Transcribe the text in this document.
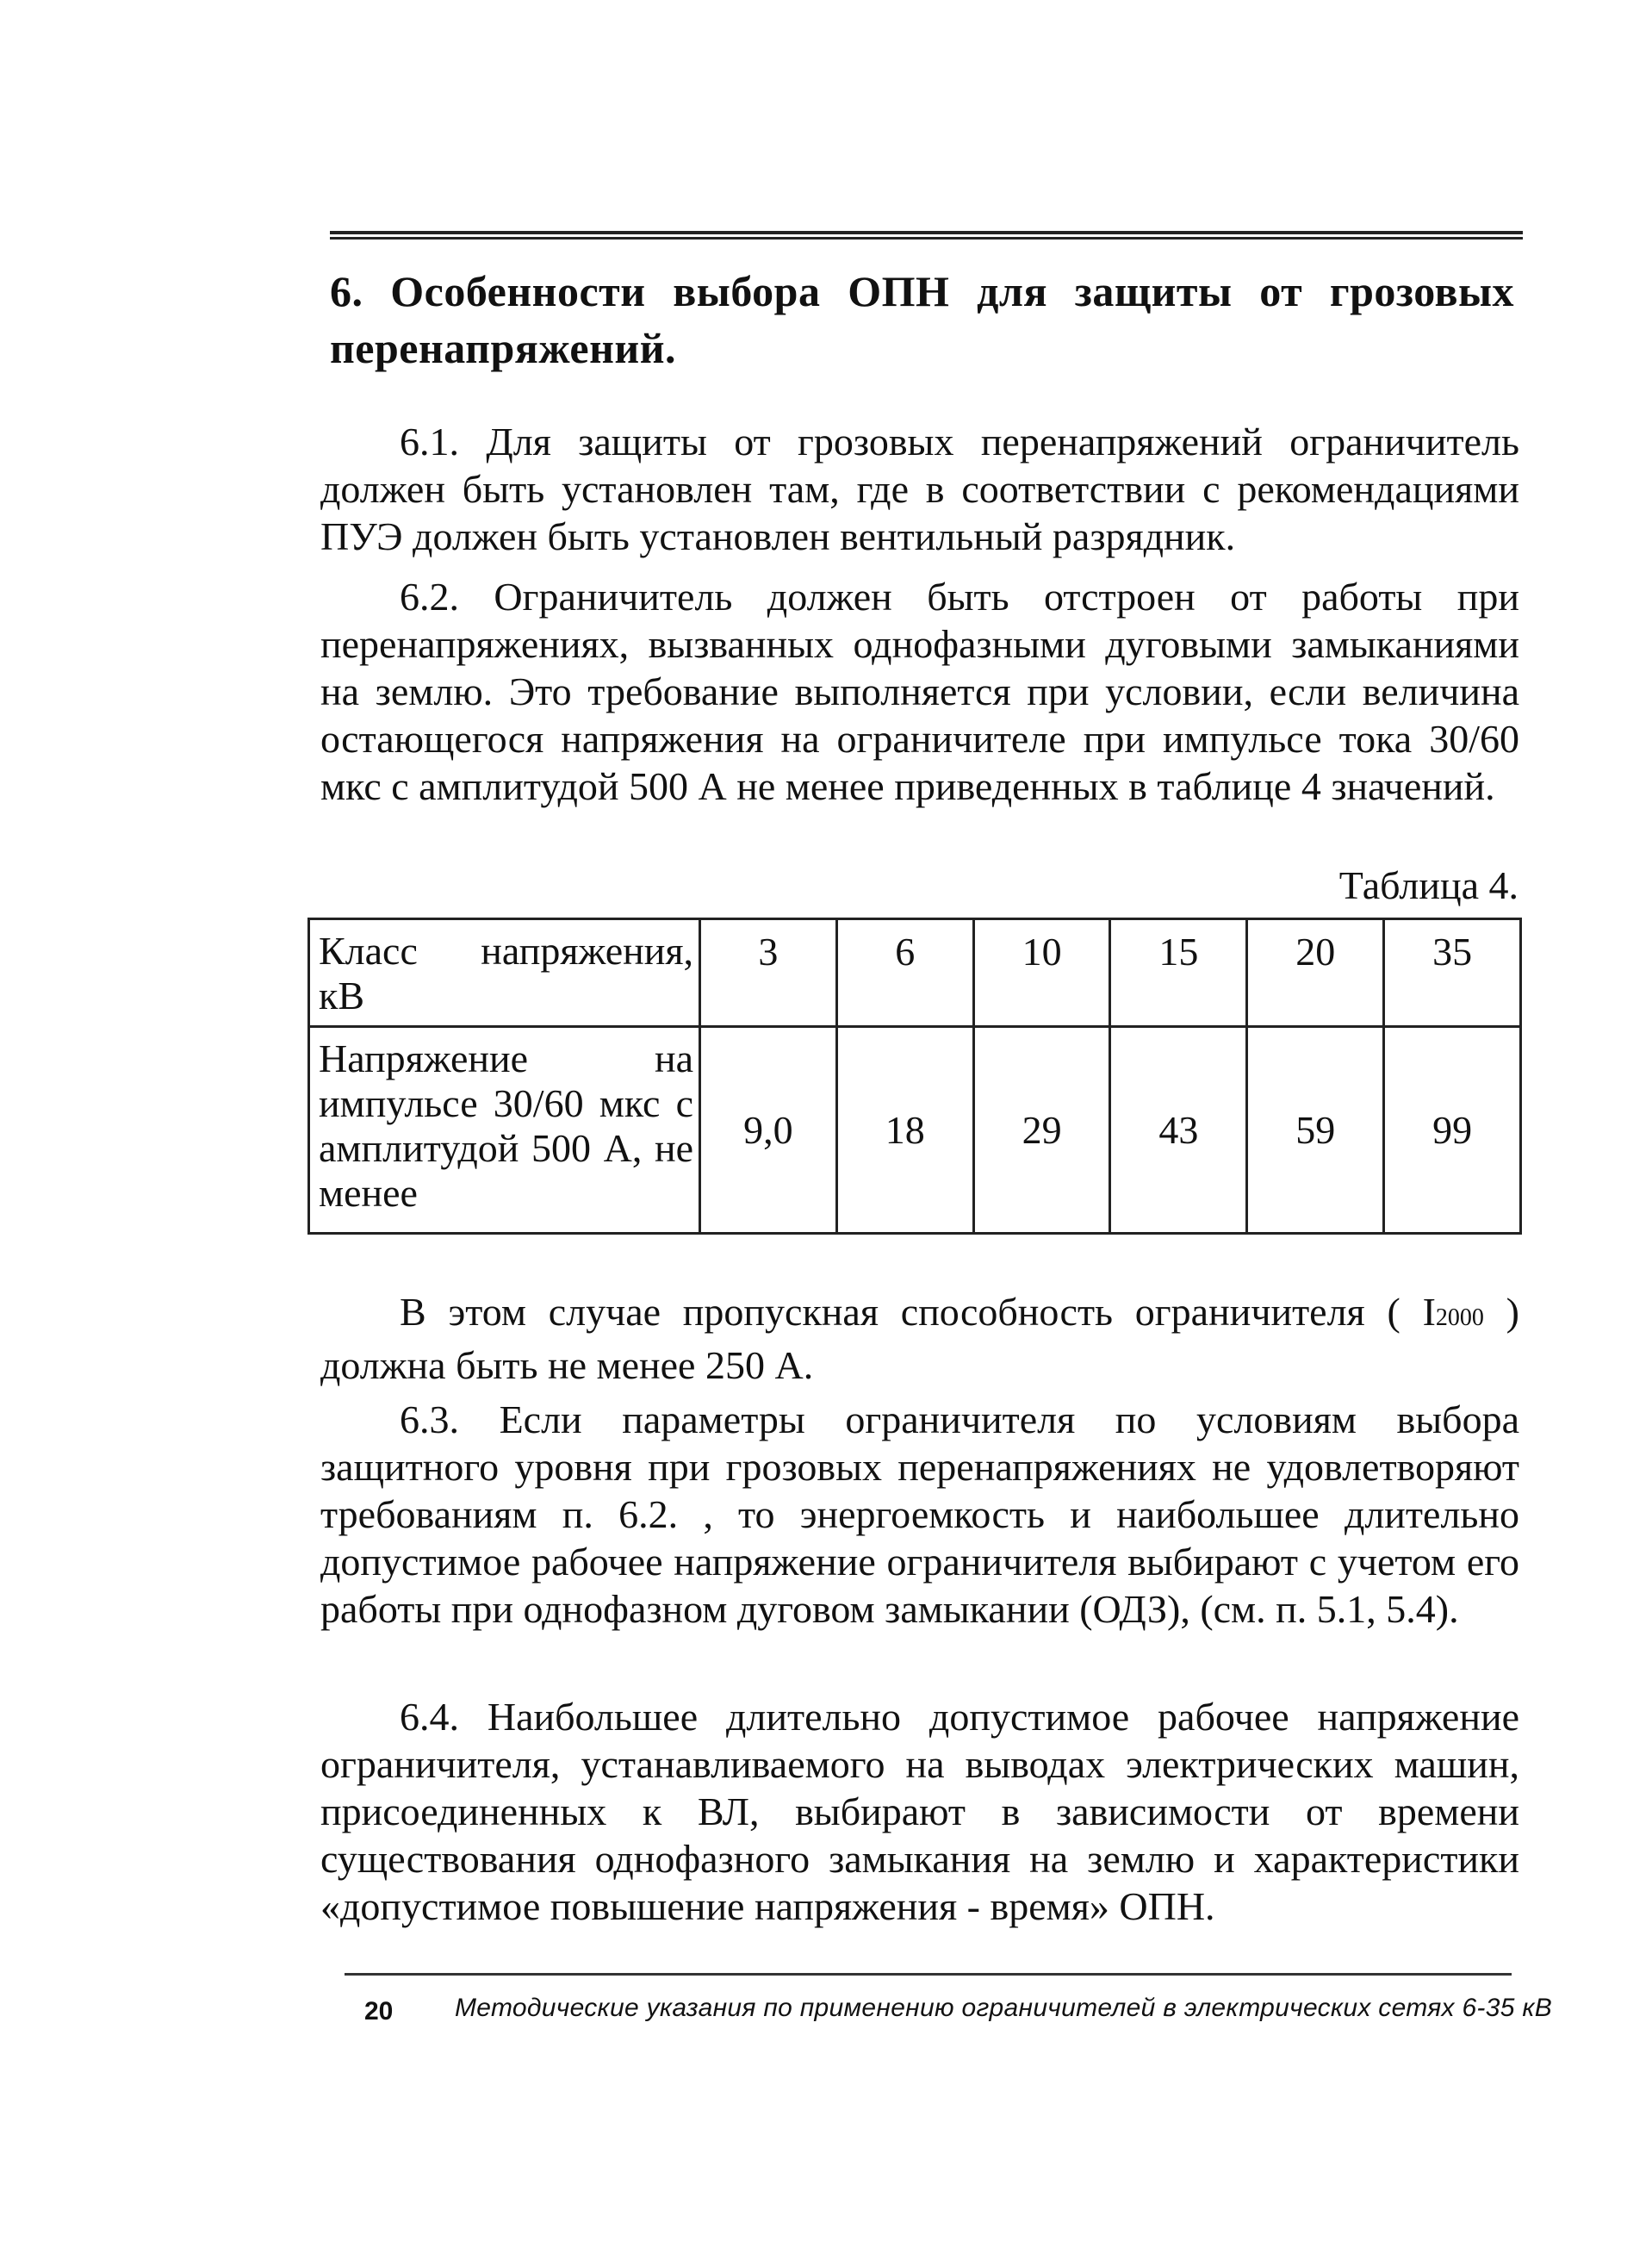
6. Особенности выбора ОПН для защиты от грозовых перенапряжений.
6.1. Для защиты от грозовых перенапряжений ограничитель должен быть установлен там, где в соответствии с рекомендациями ПУЭ должен быть установлен вентильный разрядник.
6.2. Ограничитель должен быть отстроен от работы при перенапряжениях, вызванных однофазными дуговыми замыканиями на землю. Это требование выполняется при условии, если величина остающегося напряжения на ограничителе при импульсе тока 30/60 мкс с амплитудой 500 А не менее приведенных в таблице 4 значений.
Таблица 4.
Класс напряжения, кВ	3	6	10	15	20	35
Напряжение на импульсе 30/60 мкс с амплитудой 500 А, не менее	9,0	18	29	43	59	99
В этом случае пропускная способность ограничителя ( I2000 ) должна быть не менее 250 А.
6.3. Если параметры ограничителя по условиям выбора защитного уровня при грозовых перенапряжениях не удовлетворяют требованиям п. 6.2. , то энергоемкость и наибольшее длительно допустимое рабочее напряжение ограничителя выбирают с учетом его работы при однофазном дуговом замыкании (ОДЗ), (см. п. 5.1, 5.4).
6.4. Наибольшее длительно допустимое рабочее напряжение ограничителя, устанавливаемого на выводах электрических машин, присоединенных к ВЛ, выбирают в зависимости от времени существования однофазного замыкания на землю и характеристики «допустимое повышение напряжения - время» ОПН.
20 Методические указания по применению ограничителей в электрических сетях 6-35 кВ
